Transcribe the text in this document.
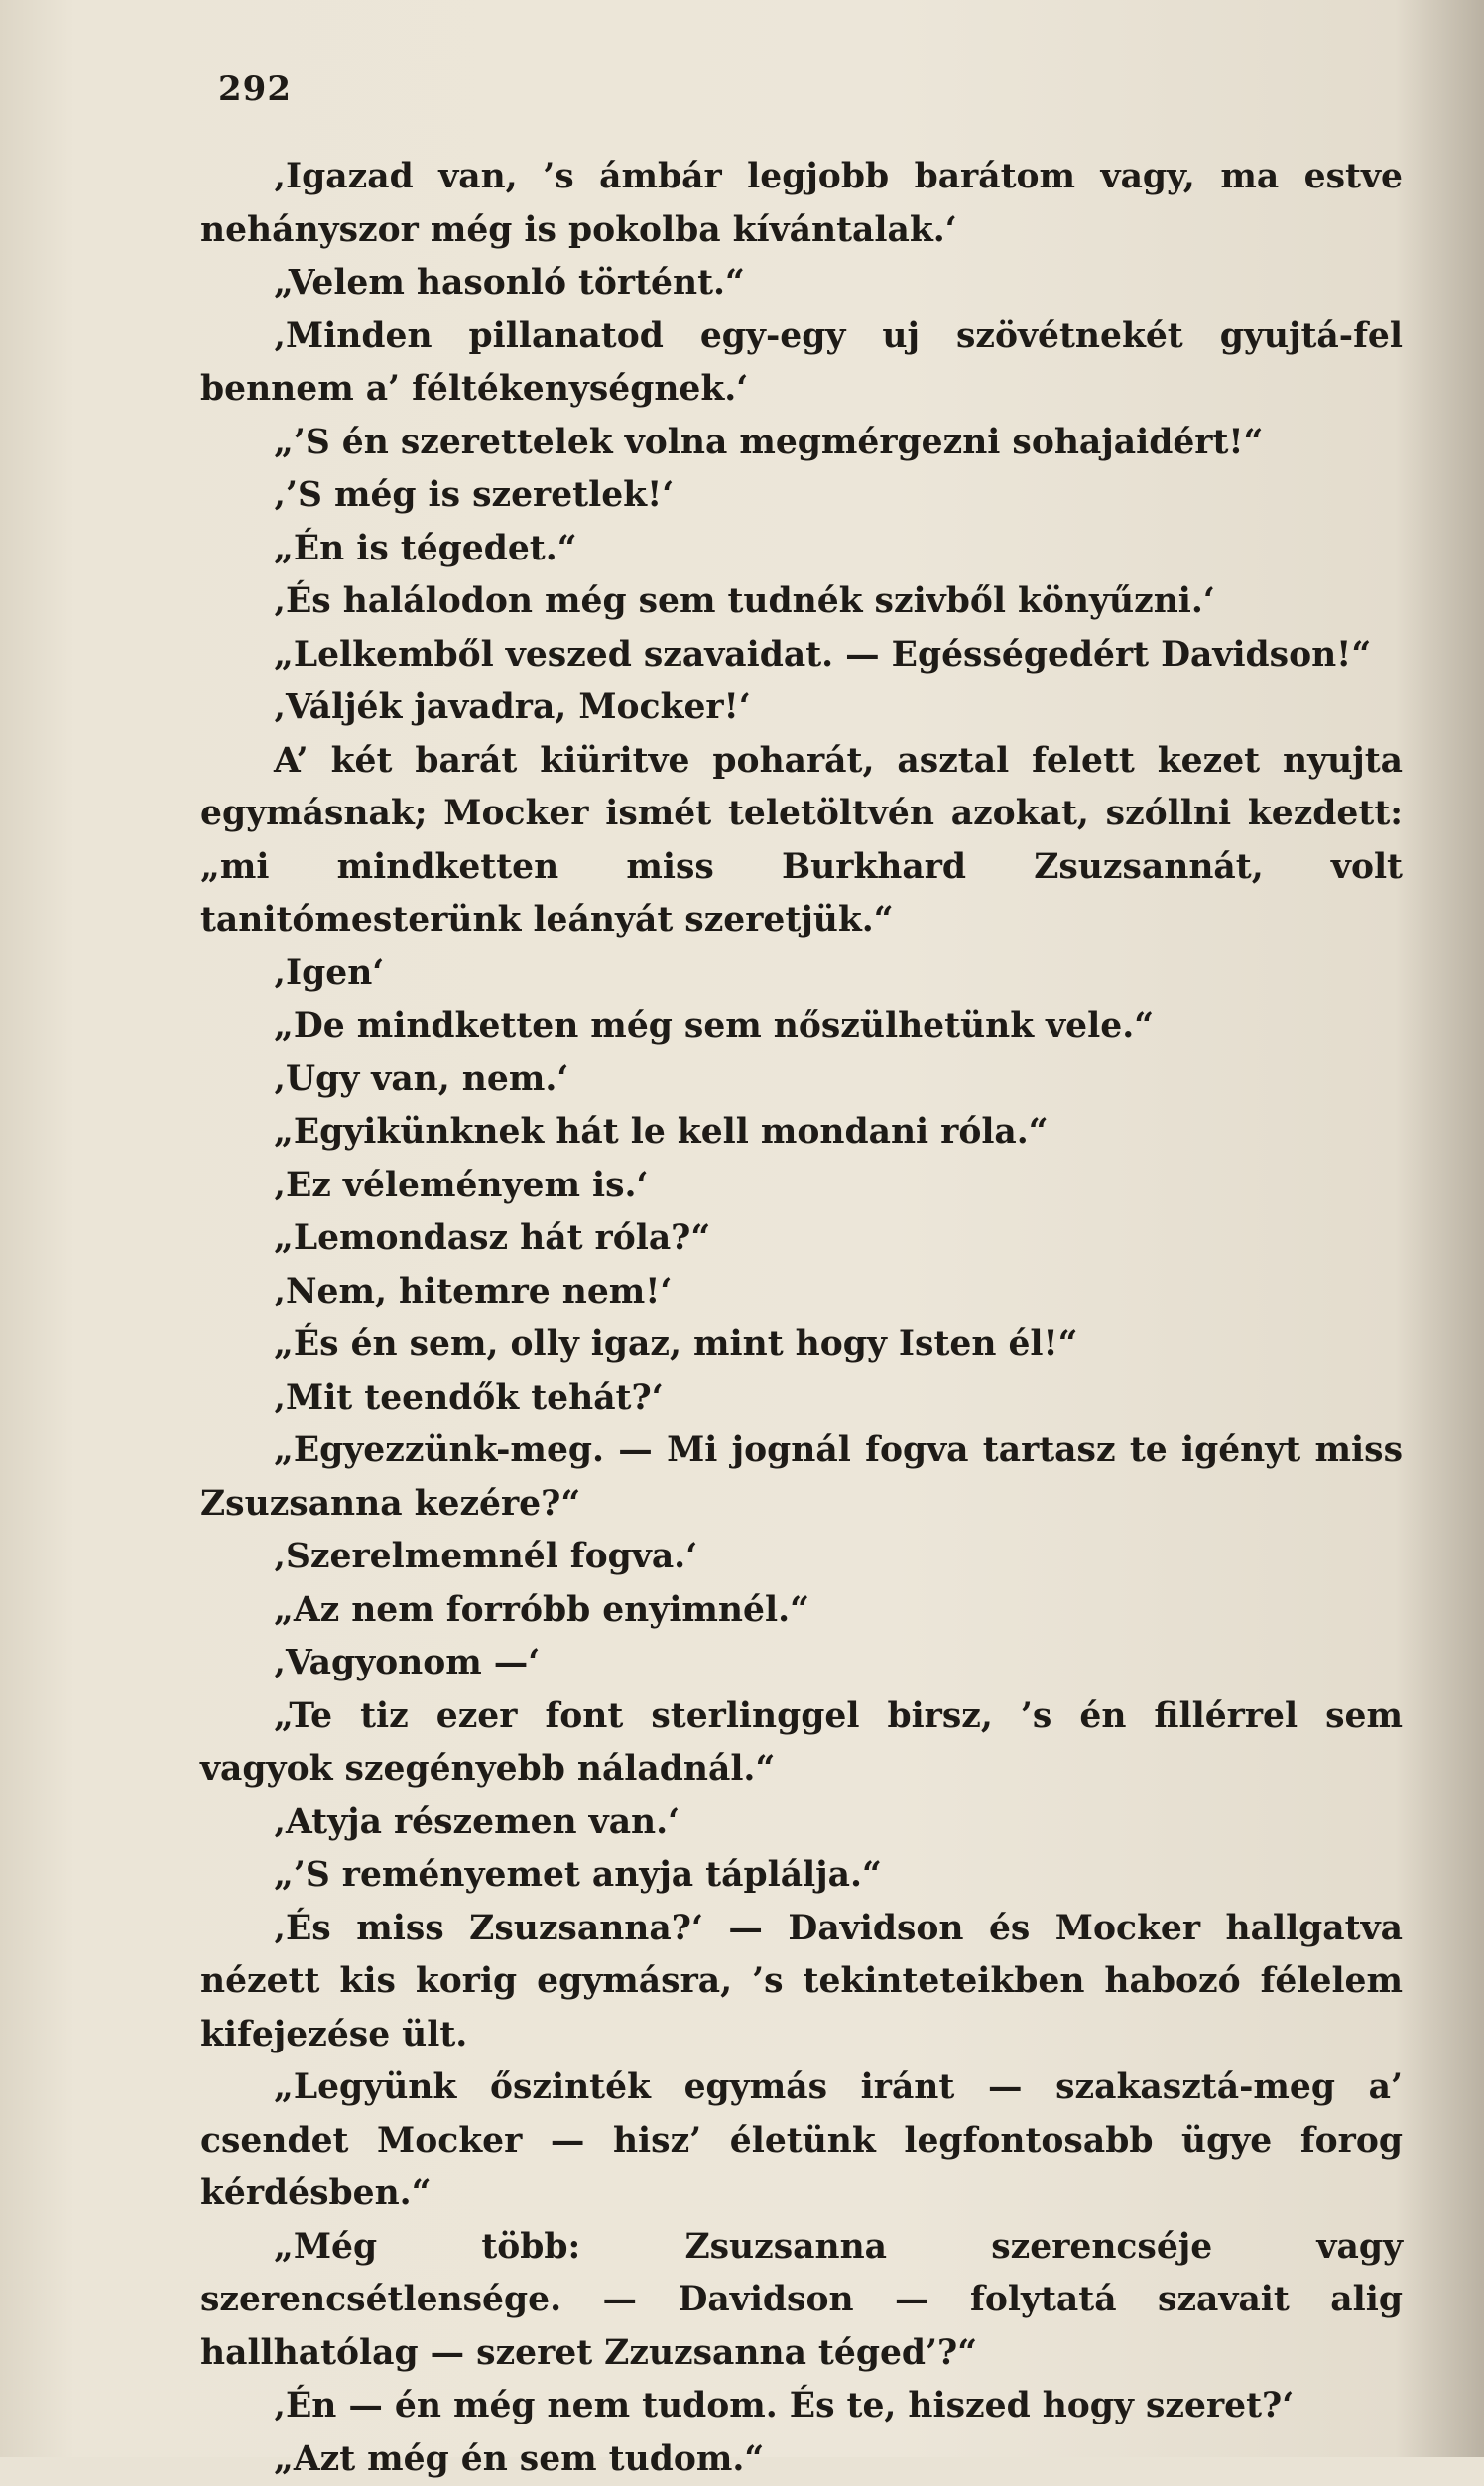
292

‚Igazad van, ’s ámbár legjobb barátom vagy, ma estve nehányszor még is pokolba kívántalak.‘

„Velem hasonló történt.“

‚Minden pillanatod egy-egy uj szövétnekét gyujtá-fel bennem a’ féltékenységnek.‘

„’S én szerettelek volna megmérgezni sohajaidért!“

‚’S még is szeretlek!‘

„Én is tégedet.“

‚És halálodon még sem tudnék szivből könyűzni.‘

„Lelkemből veszed szavaidat. — Egésségedért Davidson!“

‚Váljék javadra, Mocker!‘

A’ két barát kiüritve poharát, asztal felett kezet nyujta egymásnak; Mocker ismét teletöltvén azokat, szóllni kezdett: „mi mindketten miss Burkhard Zsuzsannát, volt tanitómesterünk leányát szeretjük.“

‚Igen‘

„De mindketten még sem nőszülhetünk vele.“

‚Ugy van, nem.‘

„Egyikünknek hát le kell mondani róla.“

‚Ez véleményem is.‘

„Lemondasz hát róla?“

‚Nem, hitemre nem!‘

„És én sem, olly igaz, mint hogy Isten él!“

‚Mit teendők tehát?‘

„Egyezzünk-meg. — Mi jognál fogva tartasz te igényt miss Zsuzsanna kezére?“

‚Szerelmemnél fogva.‘

„Az nem forróbb enyimnél.“

‚Vagyonom —‘

„Te tiz ezer font sterlinggel birsz, ’s én fillérrel sem vagyok szegényebb náladnál.“

‚Atyja részemen van.‘

„’S reményemet anyja táplálja.“

‚És miss Zsuzsanna?‘ — Davidson és Mocker hallgatva nézett kis korig egymásra, ’s tekinteteikben habozó félelem kifejezése ült.

„Legyünk őszinték egymás iránt — szakasztá-meg a’ csendet Mocker — hisz’ életünk legfontosabb ügye forog kérdésben.“

„Még több: Zsuzsanna szerencséje vagy szerencsétlensége. — Davidson — folytatá szavait alig hallhatólag — szeret Zzuzsanna téged’?“

‚Én — én még nem tudom. És te, hiszed hogy szeret?‘

„Azt még én sem tudom.“
